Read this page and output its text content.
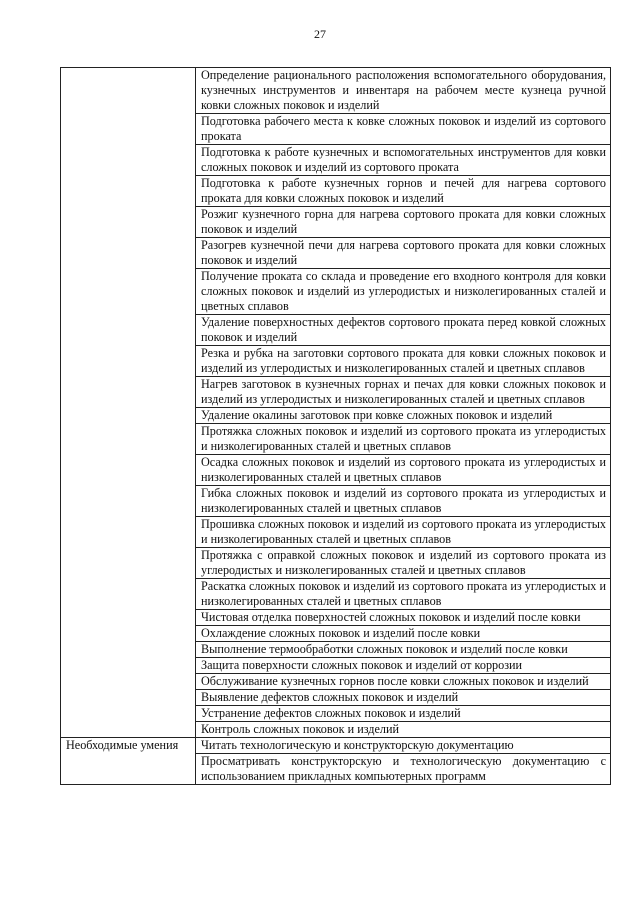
27
	Определение рационального расположения вспомогательного оборудования, кузнечных инструментов и инвентаря на рабочем месте кузнеца ручной ковки сложных поковок и изделий
	Подготовка рабочего места к ковке сложных поковок и изделий из сортового проката
	Подготовка к работе кузнечных и вспомогательных инструментов для ковки сложных поковок и изделий из сортового проката
	Подготовка к работе кузнечных горнов и печей для нагрева сортового проката для ковки сложных поковок и изделий
	Розжиг кузнечного горна для нагрева сортового проката для ковки сложных поковок и изделий
	Разогрев кузнечной печи для нагрева сортового проката для ковки сложных поковок и изделий
	Получение проката со склада и проведение его входного контроля для ковки сложных поковок и изделий из углеродистых и низколегированных сталей и цветных сплавов
	Удаление поверхностных дефектов сортового проката перед ковкой сложных поковок и изделий
	Резка и рубка на заготовки сортового проката для ковки сложных поковок и изделий из углеродистых и низколегированных сталей и цветных сплавов
	Нагрев заготовок в кузнечных горнах и печах для ковки сложных поковок и изделий из углеродистых и низколегированных сталей и цветных сплавов
	Удаление окалины заготовок при ковке сложных поковок и изделий
	Протяжка сложных поковок и изделий из сортового проката из углеродистых и низколегированных сталей и цветных сплавов
	Осадка сложных поковок и изделий из сортового проката из углеродистых и низколегированных сталей и цветных сплавов
	Гибка сложных поковок и изделий из сортового проката из углеродистых и низколегированных сталей и цветных сплавов
	Прошивка сложных поковок и изделий из сортового проката из углеродистых и низколегированных сталей и цветных сплавов
	Протяжка с оправкой сложных поковок и изделий из сортового проката из углеродистых и низколегированных сталей и цветных сплавов
	Раскатка сложных поковок и изделий из сортового проката из углеродистых и низколегированных сталей и цветных сплавов
	Чистовая отделка поверхностей сложных поковок и изделий после ковки
	Охлаждение сложных поковок и изделий после ковки
	Выполнение термообработки сложных поковок и изделий после ковки
	Защита поверхности сложных поковок и изделий от коррозии
	Обслуживание кузнечных горнов после ковки сложных поковок и изделий
	Выявление дефектов сложных поковок и изделий
	Устранение дефектов сложных поковок и изделий
	Контроль сложных поковок и изделий
Необходимые умения	Читать технологическую и конструкторскую документацию
	Просматривать конструкторскую и технологическую документацию с использованием прикладных компьютерных программ
